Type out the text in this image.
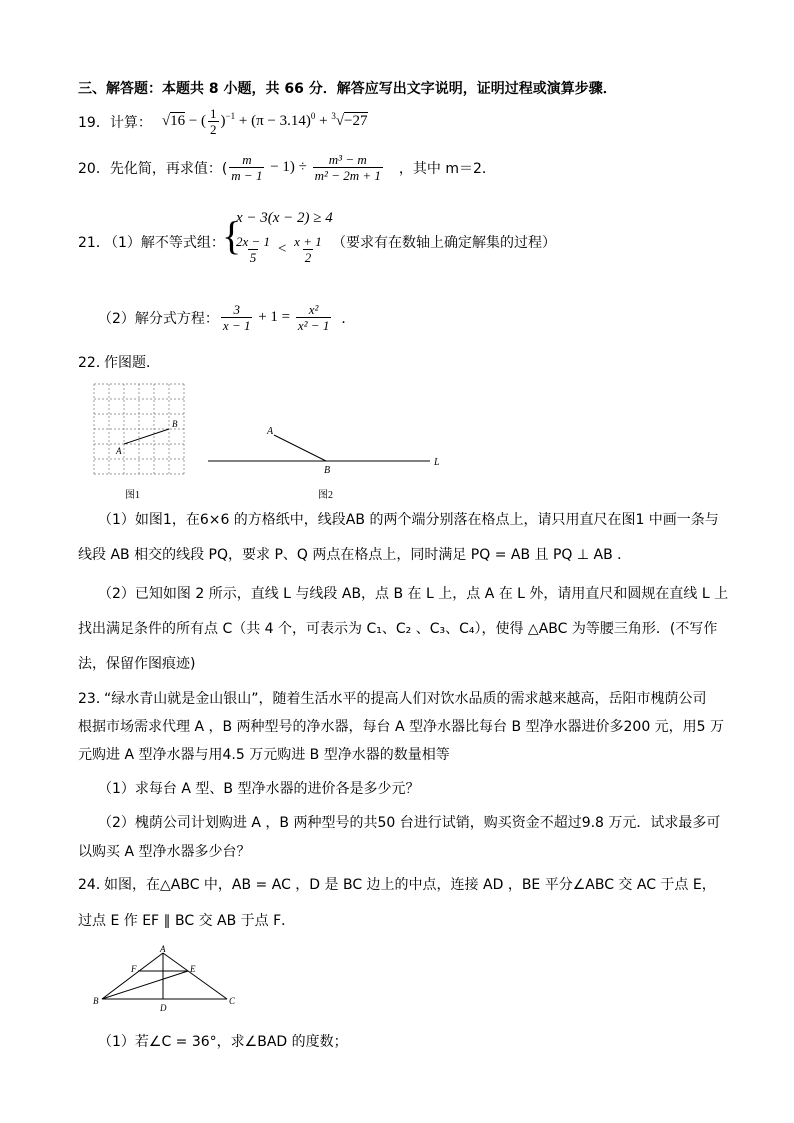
三、解答题：本题共 8 小题，共 66 分．解答应写出文字说明，证明过程或演算步骤．
19． 计算： √16 − ( $\frac{1}{2} )^{-1} + (\pi - 3.14)^0 + ^3√-27$
20． 先化简，再求值：( $\frac{m}{m - 1} - 1) \div \frac{\text{m³ − m}}{\text{m² − 2m + 1}}$ ，其中 m＝2．
21．
（1）解不等式组：
{
x − 3(x − 2) ≥ 4
$\frac{2x - 1}{5} < \frac{x + 1}{2}$ （要求有在数轴上确定解集的过程）
（2）解分式方程： $\frac{3}{x - 1} + 1 = \frac{\text{x²}}{\text{x² − 1}}$ ．
22．
作图题．
A
B
图1
A
B
L
图2
（1）如图1，在6×6 的方格纸中，线段AB 的两个端分别落在格点上，请只用直尺在图1 中画一条与
线段 AB 相交的线段 PQ，要求 P、Q 两点在格点上，同时满足 PQ = AB 且 PQ ⊥ AB ．
（2）已知如图 2 所示，直线 L 与线段 AB，点 B 在 L 上，点 A 在 L 外，请用直尺和圆规在直线 L 上
找出满足条件的所有点 C（共 4 个，可表示为 C₁、C₂ 、C₃、C₄），使得 △ABC 为等腰三角形．(不写作
法，保留作图痕迹)
23．
“绿水青山就是金山银山”，随着生活水平的提高人们对饮水品质的需求越来越高，岳阳市槐荫公司
根据市场需求代理 A ，B 两种型号的净水器，每台 A 型净水器比每台 B 型净水器进价多200 元，用5 万
元购进 A 型净水器与用4.5 万元购进 B 型净水器的数量相等
（1）求每台 A 型、B 型净水器的进价各是多少元？
（2）槐荫公司计划购进 A ，B 两种型号的共50 台进行试销，购买资金不超过9.8 万元．试求最多可
以购买 A 型净水器多少台？
24．
如图，在△ABC 中，AB = AC ，D 是 BC 边上的中点，连接 AD ，BE 平分∠ABC 交 AC 于点 E，
过点 E 作 EF ∥ BC 交 AB 于点 F．
A
B	C
D
E
F
（1）若∠C = 36°，求∠BAD 的度数；
